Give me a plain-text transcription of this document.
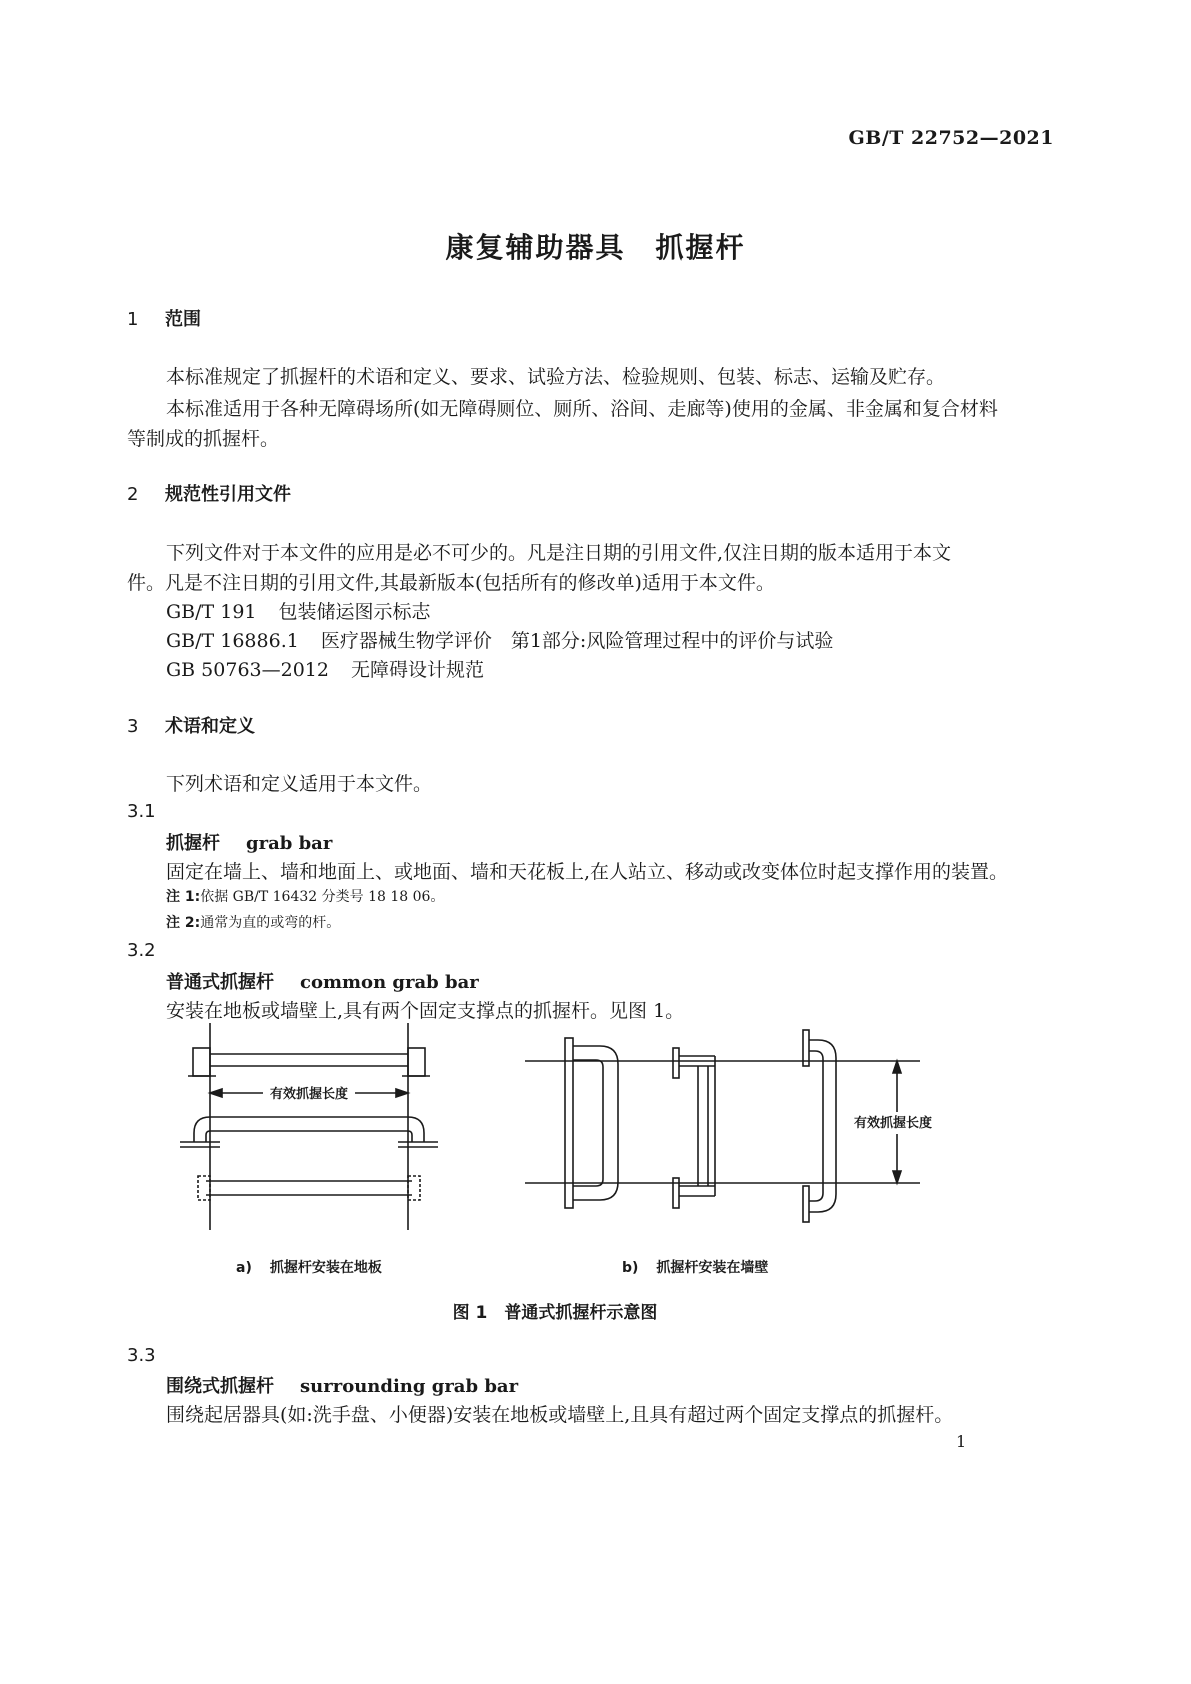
GB/T 22752—2021
康复辅助器具　抓握杆
1 范围
本标准规定了抓握杆的术语和定义、要求、试验方法、检验规则、包装、标志、运输及贮存。
本标准适用于各种无障碍场所(如无障碍厕位、厕所、浴间、走廊等)使用的金属、非金属和复合材料
等制成的抓握杆。
2 规范性引用文件
下列文件对于本文件的应用是必不可少的。凡是注日期的引用文件,仅注日期的版本适用于本文
件。凡是不注日期的引用文件,其最新版本(包括所有的修改单)适用于本文件。
GB/T 191 包装储运图示标志
GB/T 16886.1 医疗器械生物学评价　第1部分:风险管理过程中的评价与试验
GB 50763—2012 无障碍设计规范
3 术语和定义
下列术语和定义适用于本文件。
3.1
抓握杆 grab bar
固定在墙上、墙和地面上、或地面、墙和天花板上,在人站立、移动或改变体位时起支撑作用的装置。
注 1:依据 GB/T 16432 分类号 18 18 06。
注 2:通常为直的或弯的杆。
3.2
普通式抓握杆 common grab bar
安装在地板或墙壁上,具有两个固定支撑点的抓握杆。见图 1。
有效抓握长度
有效抓握长度
a) 抓握杆安装在地板	b) 抓握杆安装在墙壁
图 1　普通式抓握杆示意图
3.3
围绕式抓握杆 surrounding grab bar
围绕起居器具(如:洗手盘、小便器)安装在地板或墙壁上,且具有超过两个固定支撑点的抓握杆。
1
